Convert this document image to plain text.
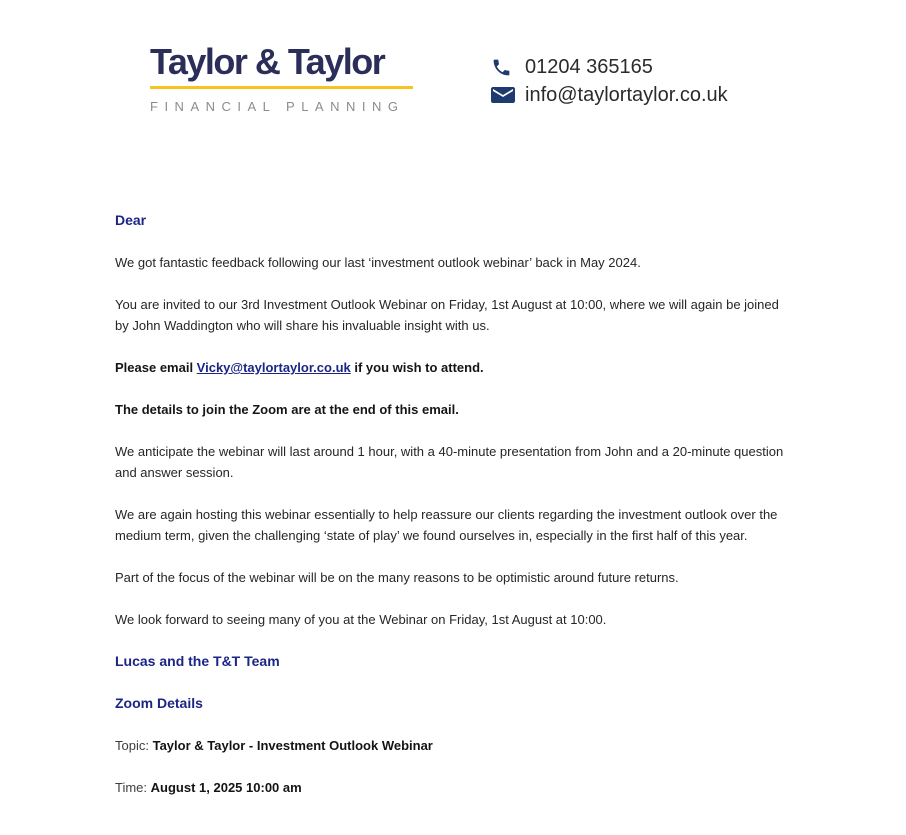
Taylor & Taylor
FINANCIAL PLANNING
01204 365165
info@taylortaylor.co.uk

Dear

We got fantastic feedback following our last ‘investment outlook webinar’ back in May 2024.

You are invited to our 3rd Investment Outlook Webinar on Friday, 1st August at 10:00, where we will again be joined by John Waddington who will share his invaluable insight with us.

Please email Vicky@taylortaylor.co.uk if you wish to attend.

The details to join the Zoom are at the end of this email.

We anticipate the webinar will last around 1 hour, with a 40-minute presentation from John and a 20-minute question and answer session.

We are again hosting this webinar essentially to help reassure our clients regarding the investment outlook over the medium term, given the challenging ‘state of play’ we found ourselves in, especially in the first half of this year.

Part of the focus of the webinar will be on the many reasons to be optimistic around future returns.

We look forward to seeing many of you at the Webinar on Friday, 1st August at 10:00.

Lucas and the T&T Team

Zoom Details

Topic: Taylor & Taylor - Investment Outlook Webinar

Time: August 1, 2025 10:00 am
